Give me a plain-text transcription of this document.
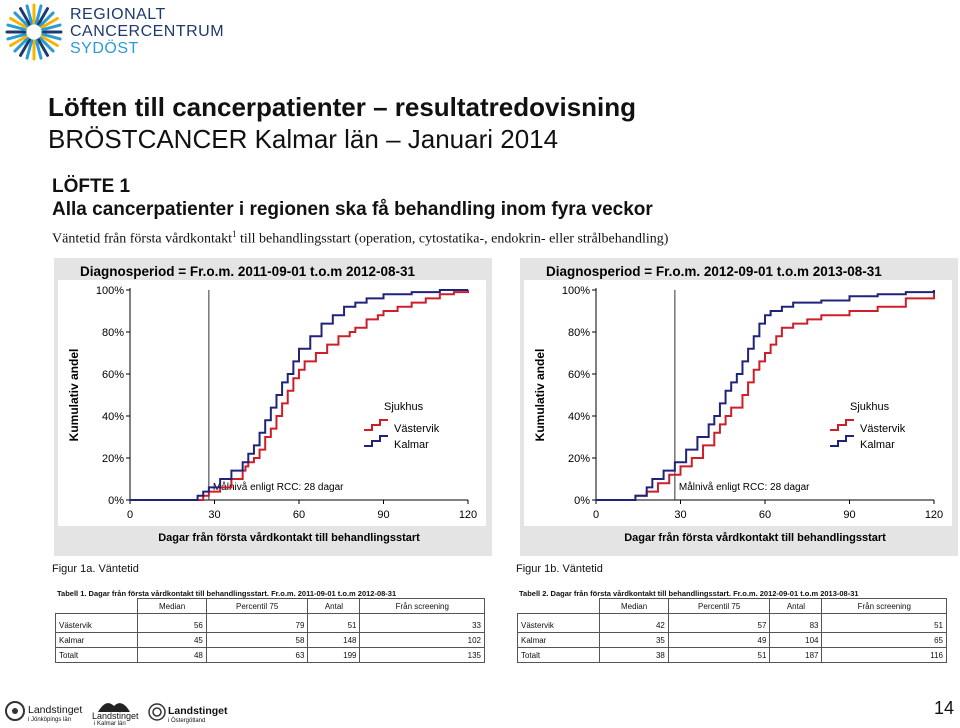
REGIONALT
CANCERCENTRUM
SYDÖST
Löften till cancerpatienter – resultatredovisning
BRÖSTCANCER Kalmar län – Januari 2014
LÖFTE 1
Alla cancerpatienter i regionen ska få behandling inom fyra veckor
Väntetid från första vårdkontakt$^1$ till behandlingsstart (operation, cytostatika-, endokrin- eller strålbehandling)
Diagnosperiod = Fr.o.m. 2011-09-01 t.o.m 2012-08-31
0%
20%
40%
60%
80%
100%
0	30	60	90	120
Kumulativ andel
Dagar från första vårdkontakt till behandlingsstart
Målnivå enligt RCC: 28 dagar
Sjukhus
Västervik
Kalmar
Diagnosperiod = Fr.o.m. 2012-09-01 t.o.m 2013-08-31
0%
20%
40%
60%
80%
100%
0	30	60	90	120
Kumulativ andel
Dagar från första vårdkontakt till behandlingsstart
Målnivå enligt RCC: 28 dagar
Sjukhus
Västervik
Kalmar
Figur 1a. Väntetid	Figur 1b. Väntetid
Tabell 1. Dagar från första vårdkontakt till behandlingsstart. Fr.o.m. 2011-09-01 t.o.m 2012-08-31	Tabell 2. Dagar från första vårdkontakt till behandlingsstart. Fr.o.m. 2012-09-01 t.o.m 2013-08-31
	Median	Percentil 75	Antal	Från screening
Västervik	56	79	51	33
Kalmar	45	58	148	102
Totalt	48	63	199	135
	Median	Percentil 75	Antal	Från screening
Västervik	42	57	83	51
Kalmar	35	49	104	65
Totalt	38	51	187	116
Landstinget
i Jönköpings län Landstinget
i Kalmar län
Landstinget
i Östergötland
14
